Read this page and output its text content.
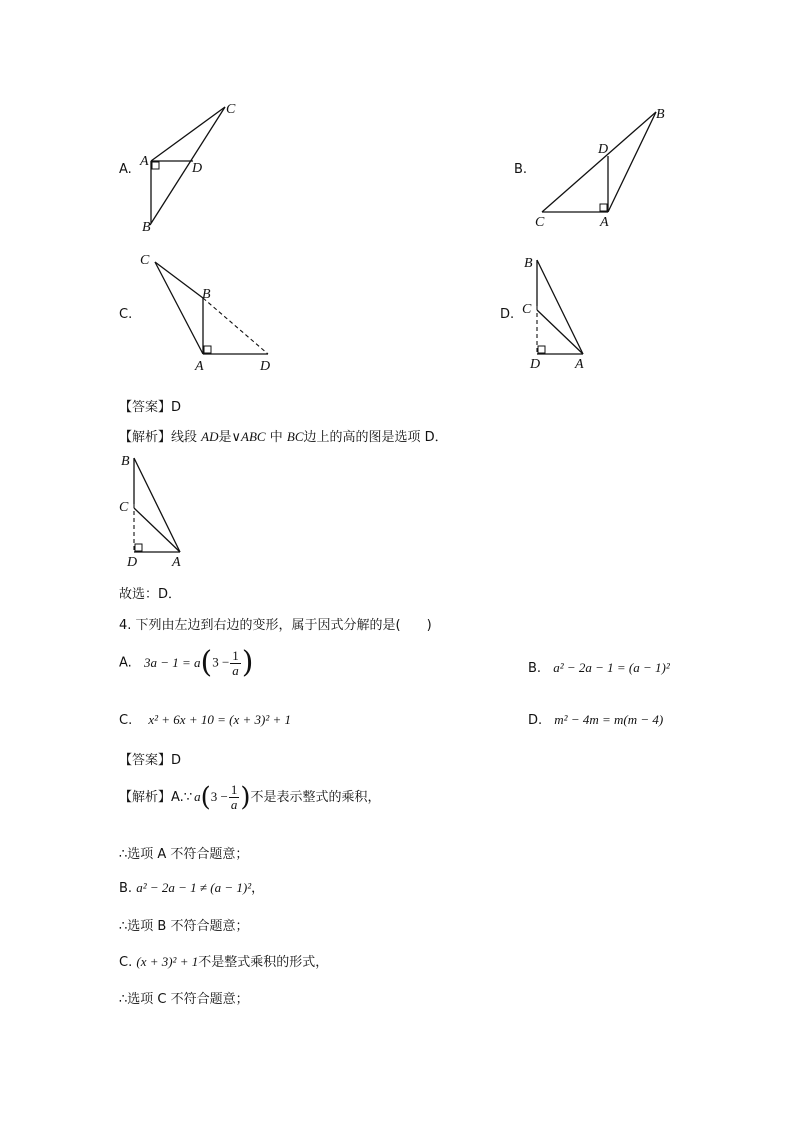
A.	B.
C.	D.
C
A	D
B
B
D
C	A
C
B
A	D
B
C
D A
【答案】D
【解析】线段 AD是∨ABC 中 BC边上的高的图是选项 D．
B
C
D A
故选：D．
4. 下列由左边到右边的变形，属于因式分解的是(　　)
A. $3a - 1 = a(3 - \frac{1}{a}$ )	B. a² − 2a − 1 = (a − 1)²
C. x² + 6x + 10 = (x + 3)² + 1	D. m² − 4m = m(m − 4)
【答案】D
【解析】A.∵ $a(3 - \frac{1}{a}$ )不是表示整式的乘积，
∴选项 A 不符合题意；
B. a² − 2a − 1 ≠ (a − 1)²，
∴选项 B 不符合题意；
C. (x + 3)² + 1不是整式乘积的形式，
∴选项 C 不符合题意；
